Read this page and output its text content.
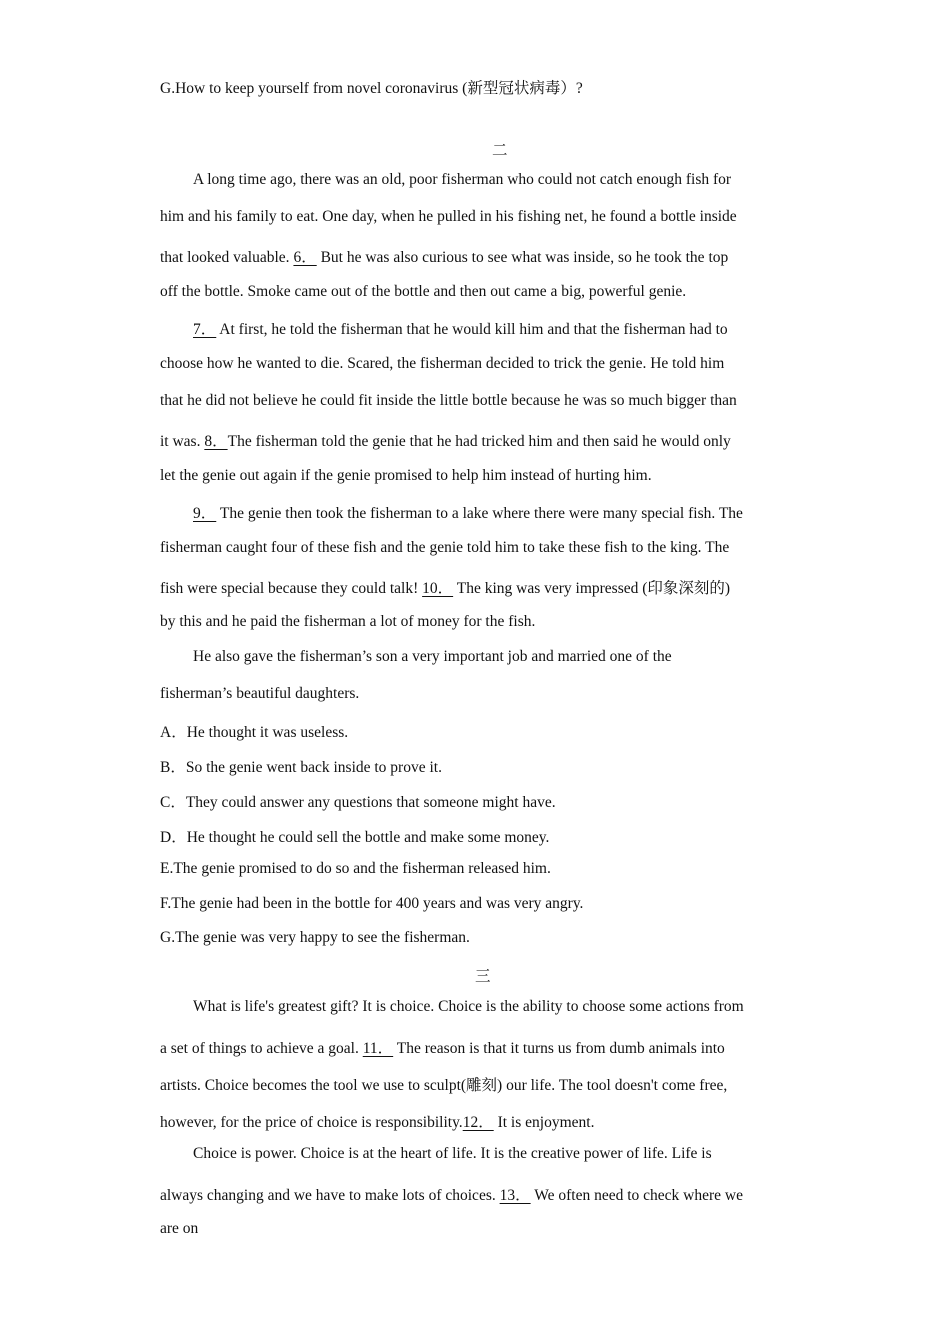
G.How to keep yourself from novel coronavirus (新型冠状病毒）?
二
A long time ago, there was an old, poor fisherman who could not catch enough fish for
him and his family to eat. One day, when he pulled in his fishing net, he found a bottle inside
that looked valuable. 6． But he was also curious to see what was inside, so he took the top
off the bottle. Smoke came out of the bottle and then out came a big, powerful genie.
7． At first, he told the fisherman that he would kill him and that the fisherman had to
choose how he wanted to die. Scared, the fisherman decided to trick the genie. He told him
that he did not believe he could fit inside the little bottle because he was so much bigger than
it was. 8．The fisherman told the genie that he had tricked him and then said he would only
let the genie out again if the genie promised to help him instead of hurting him.
9． The genie then took the fisherman to a lake where there were many special fish. The
fisherman caught four of these fish and the genie told him to take these fish to the king. The
fish were special because they could talk! 10． The king was very impressed (印象深刻的)
by this and he paid the fisherman a lot of money for the fish.
He also gave the fisherman’s son a very important job and married one of the
fisherman’s beautiful daughters.
A．He thought it was useless.
B．So the genie went back inside to prove it.
C．They could answer any questions that someone might have.
D．He thought he could sell the bottle and make some money.
E.The genie promised to do so and the fisherman released him.
F.The genie had been in the bottle for 400 years and was very angry.
G.The genie was very happy to see the fisherman.
三
What is life's greatest gift? It is choice. Choice is the ability to choose some actions from
a set of things to achieve a goal. 11． The reason is that it turns us from dumb animals into
artists. Choice becomes the tool we use to sculpt(雕刻) our life. The tool doesn't come free,
however, for the price of choice is responsibility.12． It is enjoyment.
Choice is power. Choice is at the heart of life. It is the creative power of life. Life is
always changing and we have to make lots of choices. 13． We often need to check where we
are on
